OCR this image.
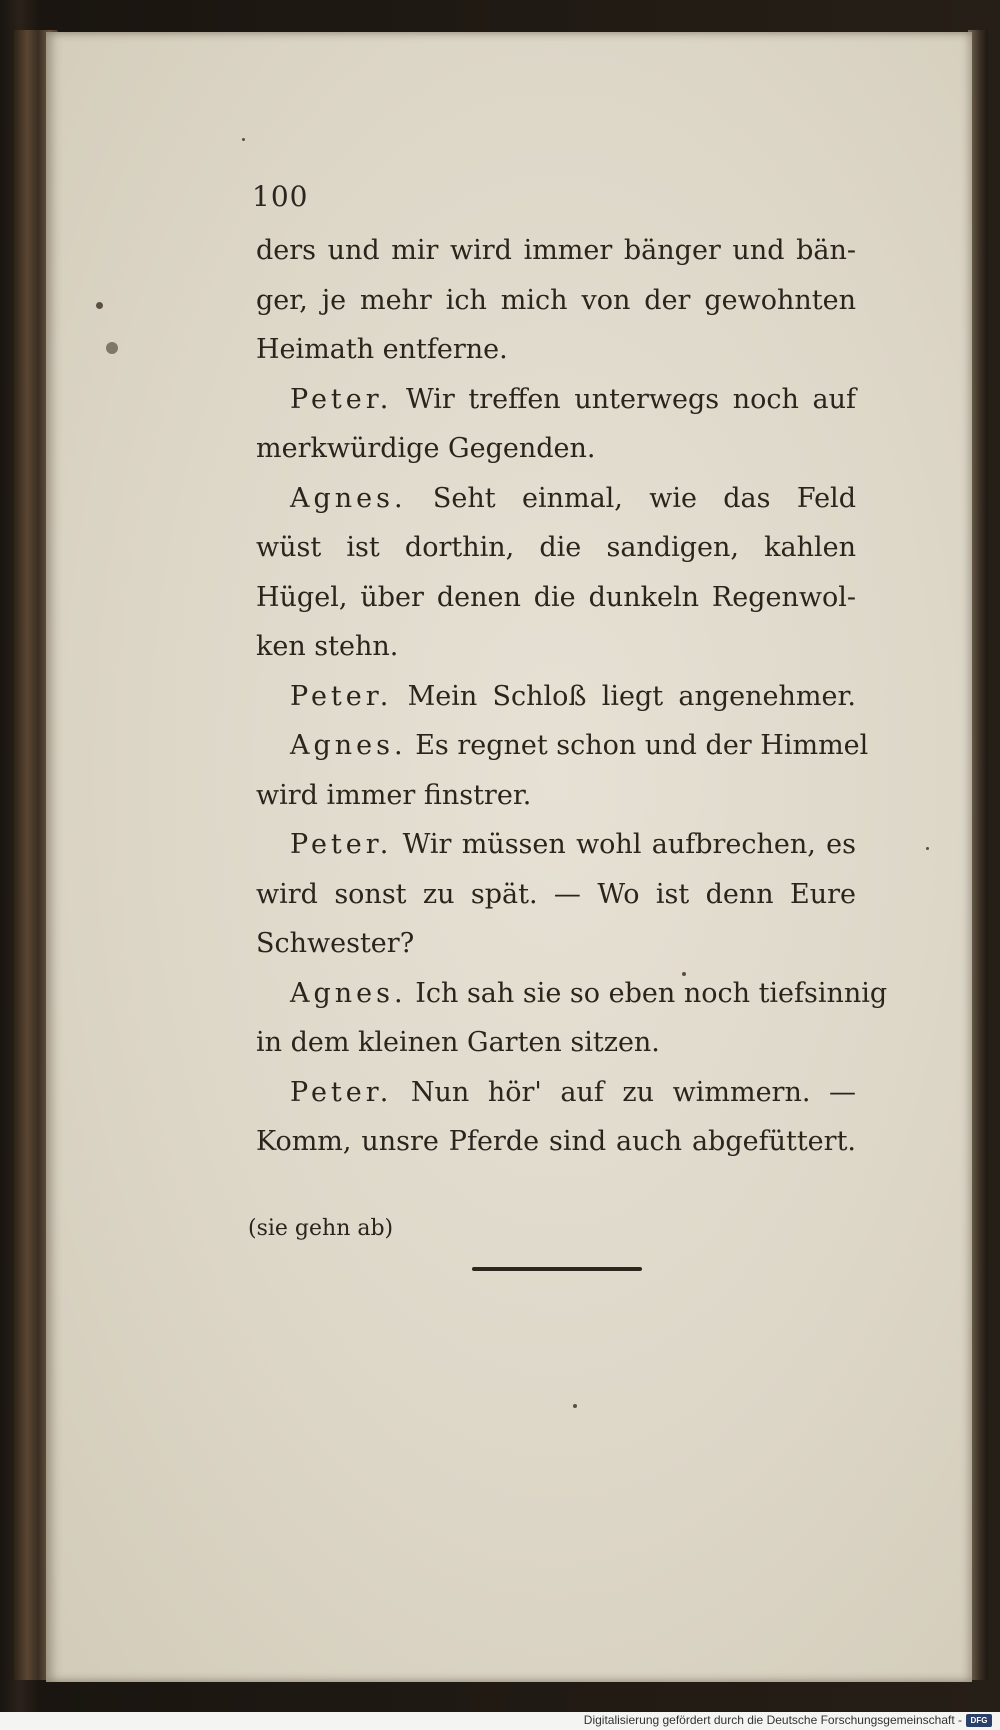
100
ders und mir wird immer bänger und bän-
ger, je mehr ich mich von der gewohnten
Heimath entferne.
Peter. Wir treffen unterwegs noch auf
merkwürdige Gegenden.
Agnes. Seht einmal, wie das Feld
wüst ist dorthin, die sandigen, kahlen
Hügel, über denen die dunkeln Regenwol-
ken stehn.
Peter. Mein Schloß liegt angenehmer.
Agnes. Es regnet schon und der Himmel
wird immer finstrer.
Peter. Wir müssen wohl aufbrechen, es
wird sonst zu spät. — Wo ist denn Eure
Schwester?
Agnes. Ich sah sie so eben noch tiefsinnig
in dem kleinen Garten sitzen.
Peter. Nun hör' auf zu wimmern. —
Komm, unsre Pferde sind auch abgefüttert.
(sie gehn ab)
Digitalisierung gefördert durch die Deutsche Forschungsgemeinschaft -	DFG
